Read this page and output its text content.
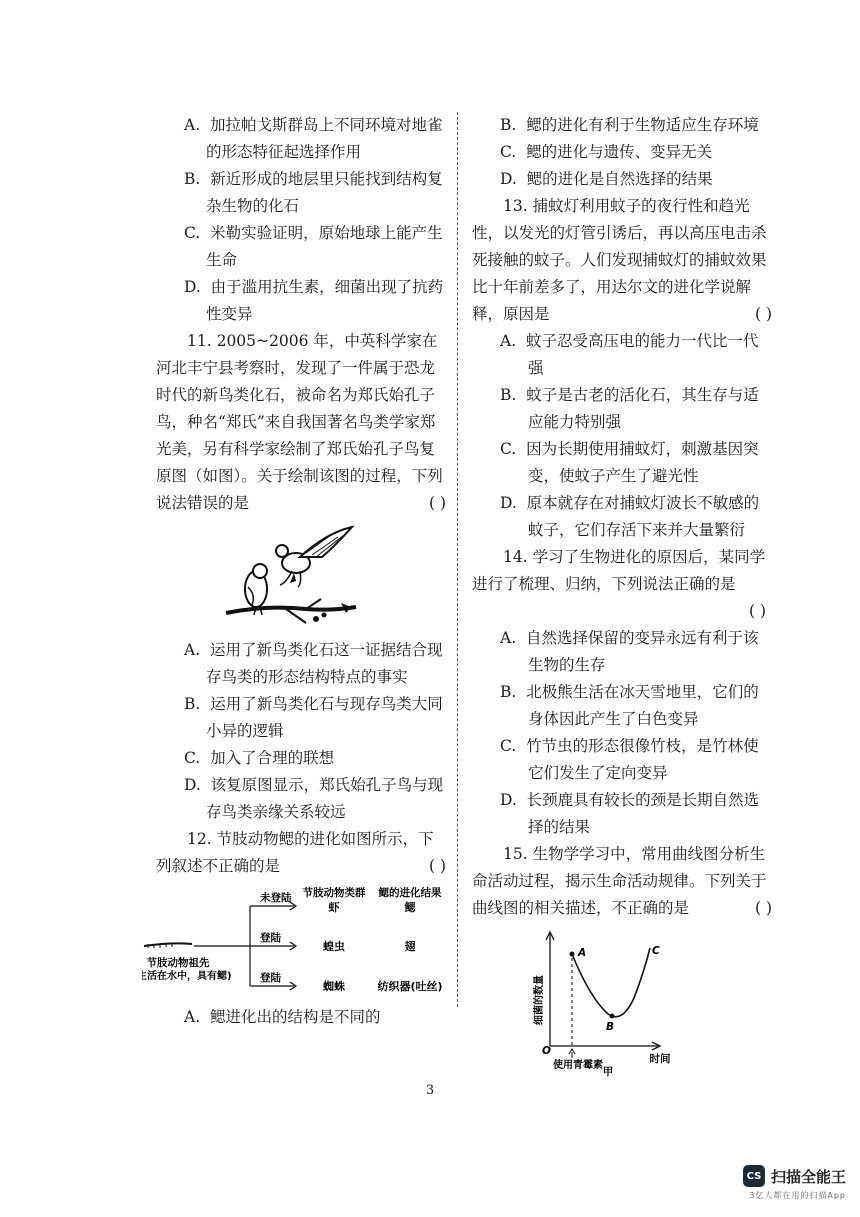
A. 加拉帕戈斯群岛上不同环境对地雀的形态特征起选择作用

B. 新近形成的地层里只能找到结构复杂生物的化石

C. 米勒实验证明，原始地球上能产生生命

D. 由于滥用抗生素，细菌出现了抗药性变异

11. 2005~2006 年，中英科学家在河北丰宁县考察时，发现了一件属于恐龙时代的新鸟类化石，被命名为郑氏始孔子鸟，种名“郑氏”来自我国著名鸟类学家郑光美，另有科学家绘制了郑氏始孔子鸟复原图（如图）。关于绘制该图的过程，下列说法错误的是	( )

A. 运用了新鸟类化石这一证据结合现存鸟类的形态结构特点的事实

B. 运用了新鸟类化石与现存鸟类大同小异的逻辑

C. 加入了合理的联想

D. 该复原图显示，郑氏始孔子鸟与现存鸟类亲缘关系较远

12. 节肢动物鳃的进化如图所示，下列叙述不正确的是	( )

节肢动物祖先
(生活在水中，具有鳃)
未登陆
登陆
登陆
节肢动物类群 鳃的进化结果
虾	鳃
蝗虫	翅
蜘蛛	纺织器(吐丝)

A. 鳃进化出的结构是不同的

B. 鳃的进化有利于生物适应生存环境

C. 鳃的进化与遗传、变异无关

D. 鳃的进化是自然选择的结果

13. 捕蚊灯利用蚊子的夜行性和趋光性，以发光的灯管引诱后，再以高压电击杀死接触的蚊子。人们发现捕蚊灯的捕蚊效果比十年前差多了，用达尔文的进化学说解释，原因是	( )

A. 蚊子忍受高压电的能力一代比一代强

B. 蚊子是古老的活化石，其生存与适应能力特别强

C. 因为长期使用捕蚊灯，刺激基因突变，使蚊子产生了避光性

D. 原本就存在对捕蚊灯波长不敏感的蚊子，它们存活下来并大量繁衍

14. 学习了生物进化的原因后，某同学进行了梳理、归纳，下列说法正确的是

( )

A. 自然选择保留的变异永远有利于该生物的生存

B. 北极熊生活在冰天雪地里，它们的身体因此产生了白色变异

C. 竹节虫的形态很像竹枝，是竹林使它们发生了定向变异

D. 长颈鹿具有较长的颈是长期自然选择的结果

15. 生物学学习中，常用曲线图分析生命活动过程，揭示生命活动规律。下列关于曲线图的相关描述，不正确的是	( )

细菌的数量
时间
O
使用青霉素
A
B
C
甲
3
CS 扫描全能王
3亿人都在用的扫描App
